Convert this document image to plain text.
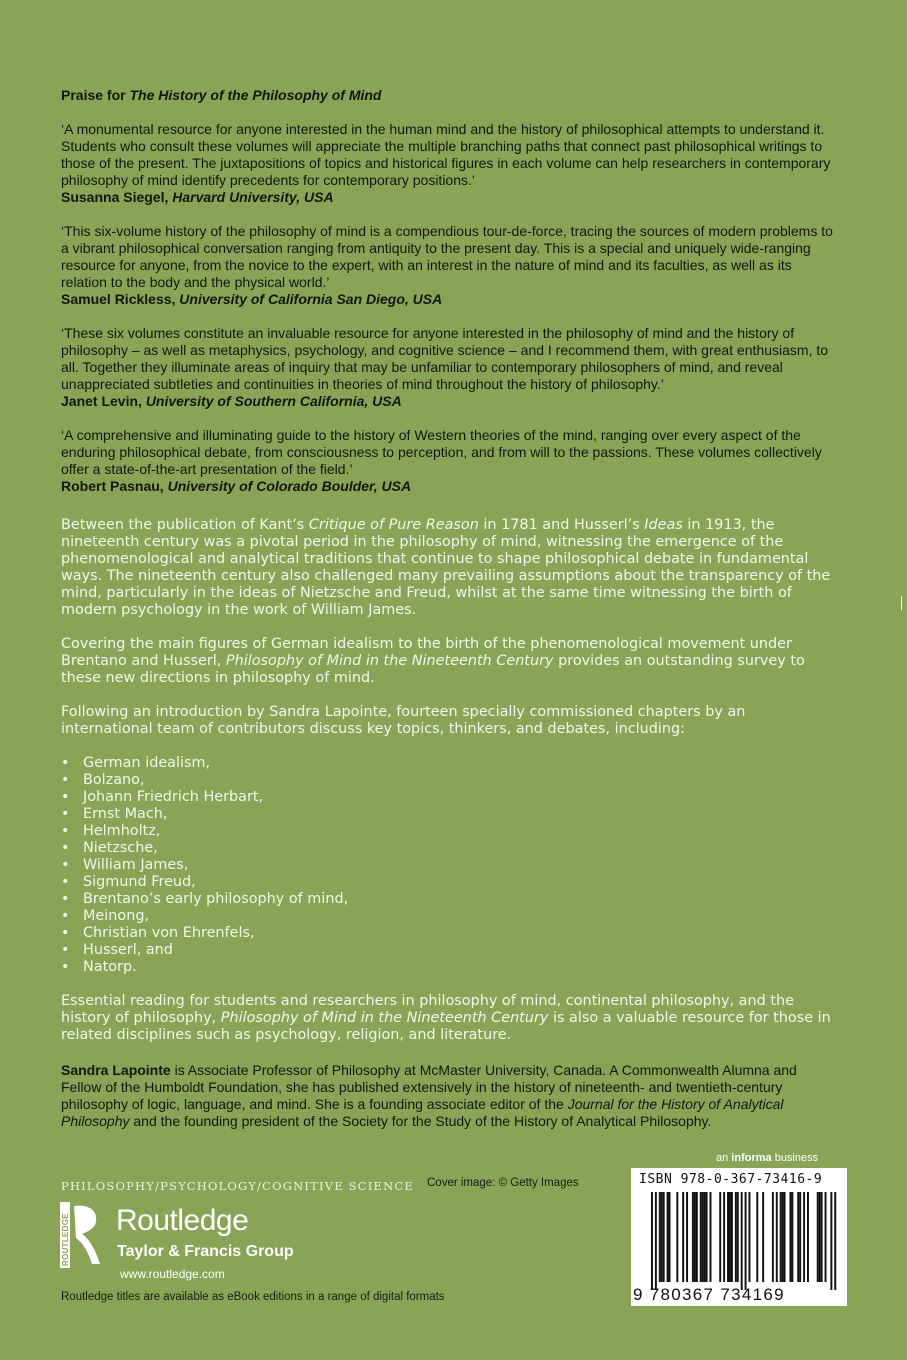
Praise for The History of the Philosophy of Mind
‘A monumental resource for anyone interested in the human mind and the history of philosophical attempts to understand it. Students who consult these volumes will appreciate the multiple branching paths that connect past philosophical writings to those of the present. The juxtapositions of topics and historical figures in each volume can help researchers in contemporary philosophy of mind identify precedents for contemporary positions.’
Susanna Siegel, Harvard University, USA
‘This six-volume history of the philosophy of mind is a compendious tour-de-force, tracing the sources of modern problems to a vibrant philosophical conversation ranging from antiquity to the present day. This is a special and uniquely wide-ranging resource for anyone, from the novice to the expert, with an interest in the nature of mind and its faculties, as well as its relation to the body and the physical world.’
Samuel Rickless, University of California San Diego, USA
‘These six volumes constitute an invaluable resource for anyone interested in the philosophy of mind and the history of philosophy – as well as metaphysics, psychology, and cognitive science – and I recommend them, with great enthusiasm, to all. Together they illuminate areas of inquiry that may be unfamiliar to contemporary philosophers of mind, and reveal unappreciated subtleties and continuities in theories of mind throughout the history of philosophy.’
Janet Levin, University of Southern California, USA
‘A comprehensive and illuminating guide to the history of Western theories of the mind, ranging over every aspect of the enduring philosophical debate, from consciousness to perception, and from will to the passions. These volumes collectively offer a state-of-the-art presentation of the field.’
Robert Pasnau, University of Colorado Boulder, USA

Between the publication of Kant’s Critique of Pure Reason in 1781 and Husserl’s Ideas in 1913, the nineteenth century was a pivotal period in the philosophy of mind, witnessing the emergence of the phenomenological and analytical traditions that continue to shape philosophical debate in fundamental ways. The nineteenth century also challenged many prevailing assumptions about the transparency of the mind, particularly in the ideas of Nietzsche and Freud, whilst at the same time witnessing the birth of modern psychology in the work of William James.

Covering the main figures of German idealism to the birth of the phenomenological movement under Brentano and Husserl, Philosophy of Mind in the Nineteenth Century provides an outstanding survey to these new directions in philosophy of mind.

Following an introduction by Sandra Lapointe, fourteen specially commissioned chapters by an international team of contributors discuss key topics, thinkers, and debates, including:

• German idealism,
• Bolzano,
• Johann Friedrich Herbart,
• Ernst Mach,
• Helmholtz,
• Nietzsche,
• William James,
• Sigmund Freud,
• Brentano’s early philosophy of mind,
• Meinong,
• Christian von Ehrenfels,
• Husserl, and
• Natorp.

Essential reading for students and researchers in philosophy of mind, continental philosophy, and the history of philosophy, Philosophy of Mind in the Nineteenth Century is also a valuable resource for those in related disciplines such as psychology, religion, and literature.

Sandra Lapointe is Associate Professor of Philosophy at McMaster University, Canada. A Commonwealth Alumna and Fellow of the Humboldt Foundation, she has published extensively in the history of nineteenth- and twentieth-century philosophy of logic, language, and mind. She is a founding associate editor of the Journal for the History of Analytical Philosophy and the founding president of the Society for the Study of the History of Analytical Philosophy.

an informa business
PHILOSOPHY/PSYCHOLOGY/COGNITIVE SCIENCE Cover image: © Getty Images
ROUTLEDGE Routledge
Taylor & Francis Group
www.routledge.com
Routledge titles are available as eBook editions in a range of digital formats
ISBN 978-0-367-73416-9
9 780367 734169
